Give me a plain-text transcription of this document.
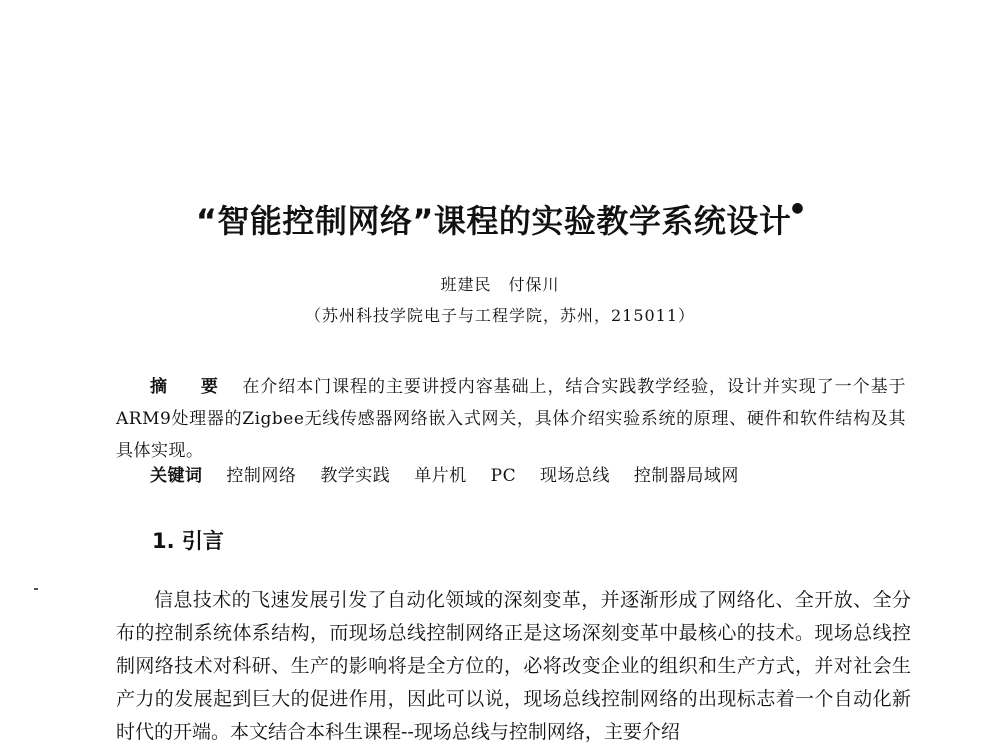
“智能控制网络”课程的实验教学系统设计●
班建民　付保川
（苏州科技学院电子与工程学院，苏州，215011）
摘　要 在介绍本门课程的主要讲授内容基础上，结合实践教学经验，设计并实现了一个基于ARM9处理器的Zigbee无线传感器网络嵌入式网关，具体介绍实验系统的原理、硬件和软件结构及其具体实现。
关键词 控制网络 教学实践 单片机 PC 现场总线 控制器局域网
1. 引言
信息技术的飞速发展引发了自动化领域的深刻变革，并逐渐形成了网络化、全开放、全分布的控制系统体系结构，而现场总线控制网络正是这场深刻变革中最核心的技术。现场总线控制网络技术对科研、生产的影响将是全方位的，必将改变企业的组织和生产方式，并对社会生产力的发展起到巨大的促进作用，因此可以说，现场总线控制网络的出现标志着一个自动化新时代的开端。本文结合本科生课程--现场总线与控制网络，主要介绍
